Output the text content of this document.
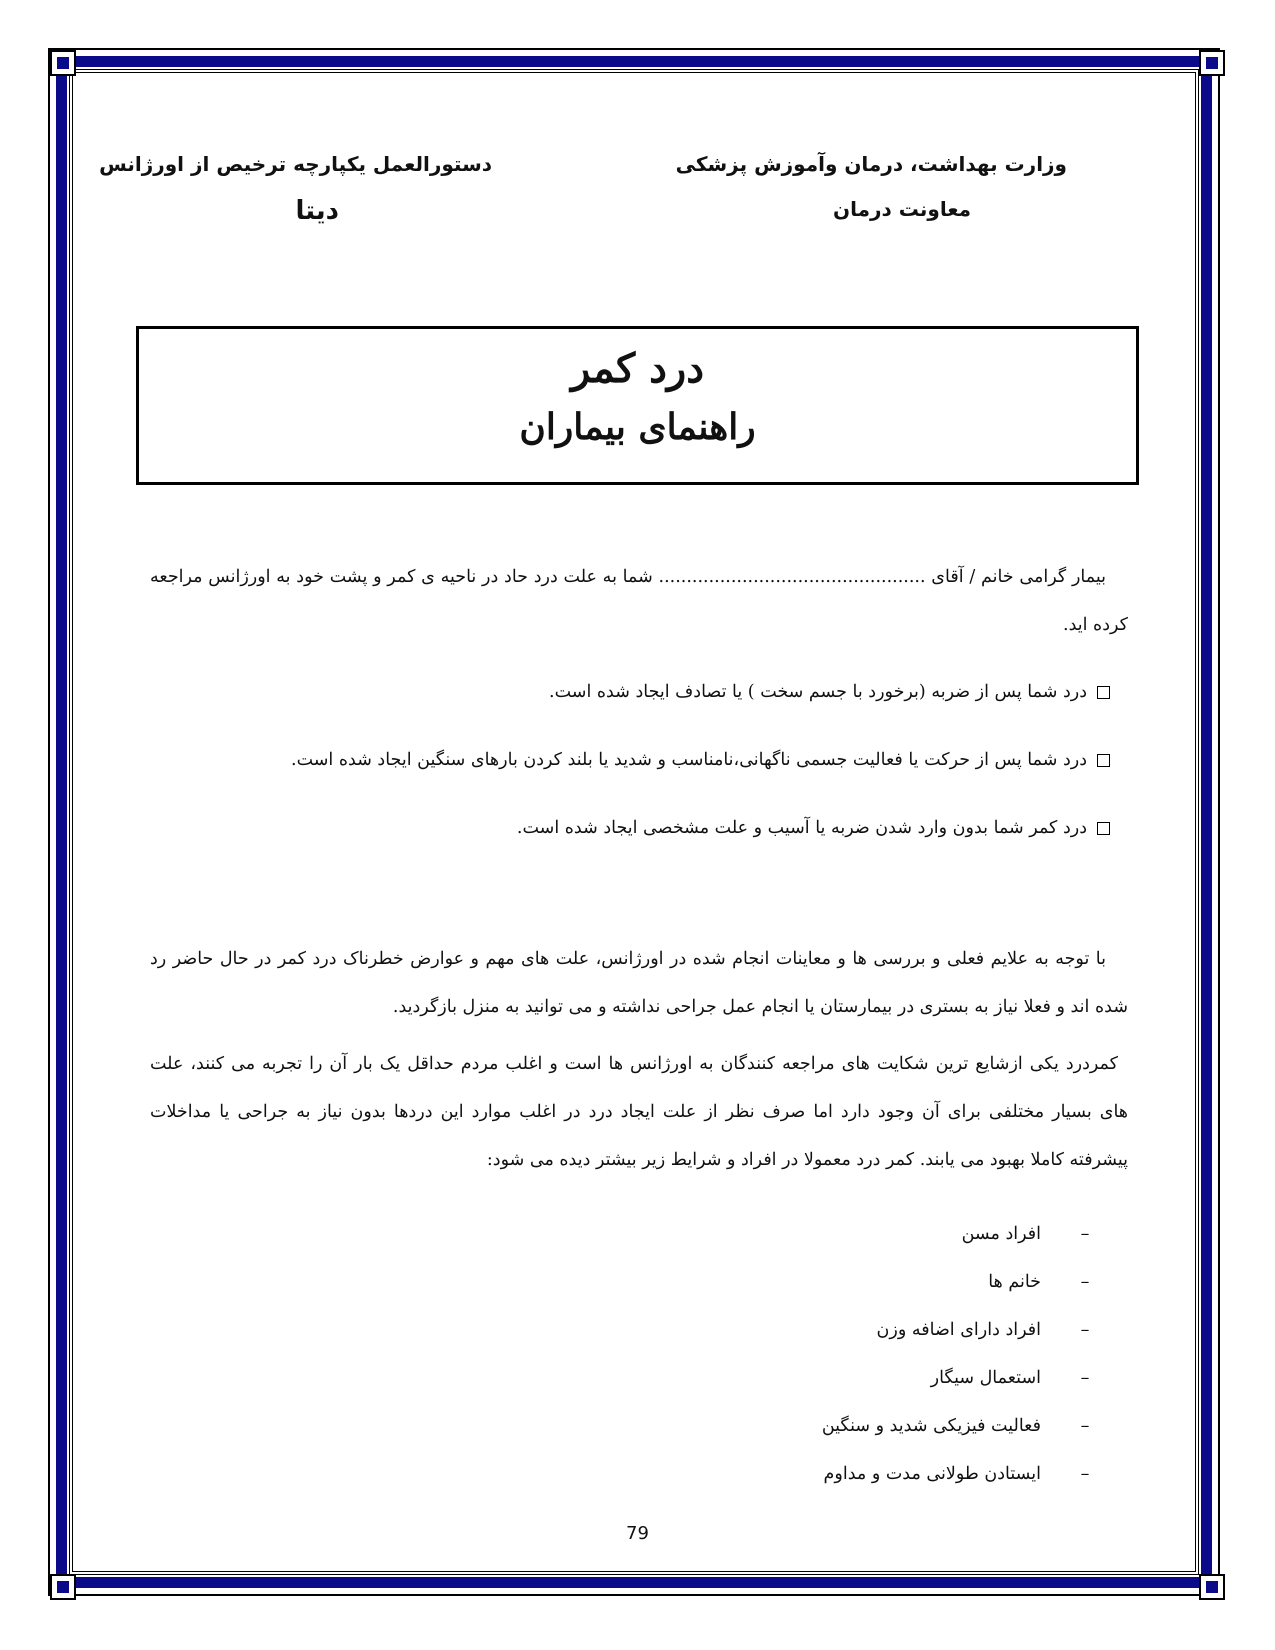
وزارت بهداشت، درمان وآموزش پزشکی
معاونت درمان
دستورالعمل یکپارچه ترخیص از اورژانس
دیتا
درد کمر
راهنمای بیماران
بیمار گرامی خانم / آقای ................................................ شما به علت درد حاد در ناحیه ی کمر و پشت خود به اورژانس مراجعه کرده اید.
درد شما پس از ضربه (برخورد با جسم سخت ) یا تصادف ایجاد شده است.
درد شما پس از حرکت یا فعالیت جسمی ناگهانی،نامناسب و شدید یا بلند کردن بارهای سنگین ایجاد شده است.
درد کمر شما بدون وارد شدن ضربه یا آسیب و علت مشخصی ایجاد شده است.
با توجه به علایم فعلی و بررسی ها و معاینات انجام شده در اورژانس، علت های مهم و عوارض خطرناک درد کمر در حال حاضر رد شده اند و فعلا نیاز به بستری در بیمارستان یا انجام عمل جراحی نداشته و می توانید به منزل بازگردید.
کمردرد یکی ازشایع ترین شکایت های مراجعه کنندگان به اورژانس ها است و اغلب مردم حداقل یک بار آن را تجربه می کنند، علت های بسیار مختلفی برای آن وجود دارد اما صرف نظر از علت ایجاد درد در اغلب موارد این دردها بدون نیاز به جراحی یا مداخلات پیشرفته کاملا بهبود می یابند. کمر درد معمولا در افراد و شرایط زیر بیشتر دیده می شود:
–افراد مسن
–خانم ها
–افراد دارای اضافه وزن
–استعمال سیگار
–فعالیت فیزیکی شدید و سنگین
–ایستادن طولانی مدت و مداوم
79
